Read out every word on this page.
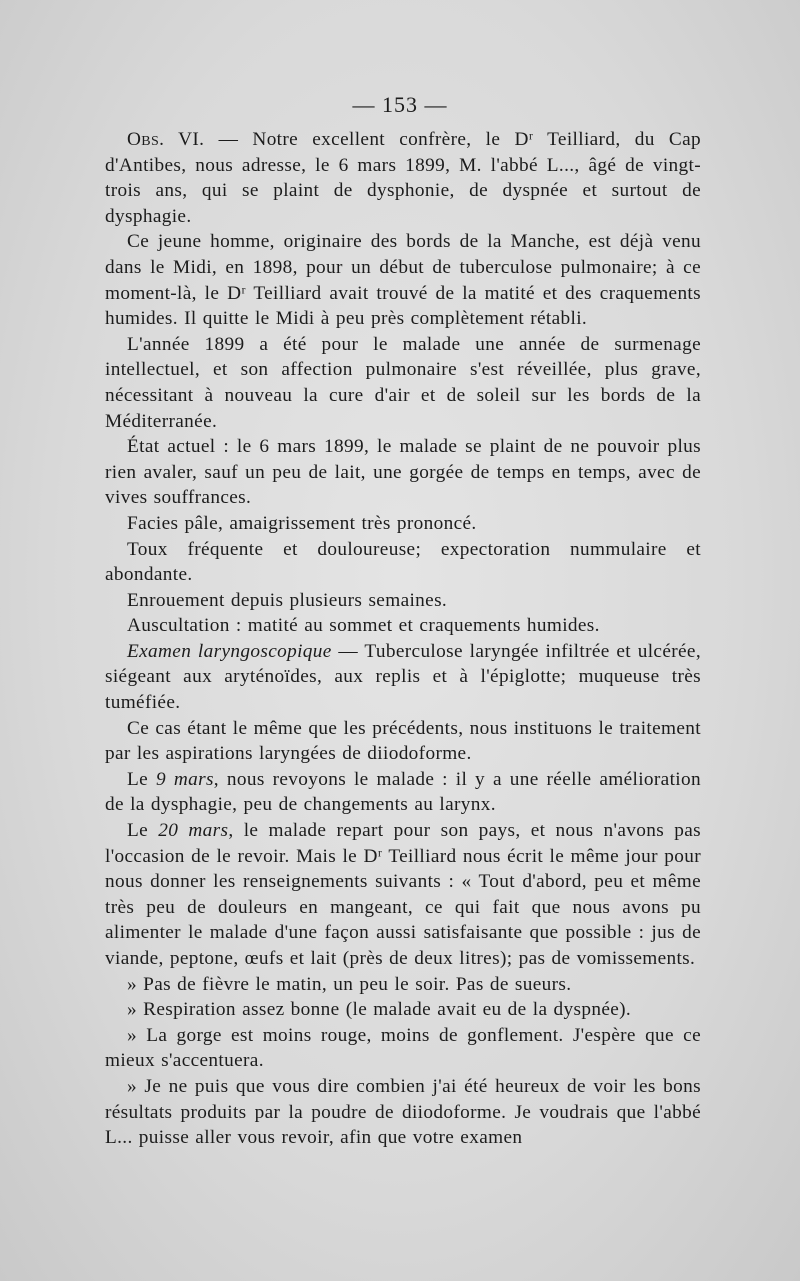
— 153 —

Obs. VI. — Notre excellent confrère, le Dʳ Teilliard, du Cap d'Antibes, nous adresse, le 6 mars 1899, M. l'abbé L..., âgé de vingt-trois ans, qui se plaint de dysphonie, de dyspnée et surtout de dysphagie.

Ce jeune homme, originaire des bords de la Manche, est déjà venu dans le Midi, en 1898, pour un début de tuberculose pulmonaire; à ce moment-là, le Dʳ Teilliard avait trouvé de la matité et des craquements humides. Il quitte le Midi à peu près complètement rétabli.

L'année 1899 a été pour le malade une année de surmenage intellectuel, et son affection pulmonaire s'est réveillée, plus grave, nécessitant à nouveau la cure d'air et de soleil sur les bords de la Méditerranée.

État actuel : le 6 mars 1899, le malade se plaint de ne pouvoir plus rien avaler, sauf un peu de lait, une gorgée de temps en temps, avec de vives souffrances.

Facies pâle, amaigrissement très prononcé.

Toux fréquente et douloureuse; expectoration nummulaire et abondante.

Enrouement depuis plusieurs semaines.

Auscultation : matité au sommet et craquements humides.

Examen laryngoscopique — Tuberculose laryngée infiltrée et ulcérée, siégeant aux aryténoïdes, aux replis et à l'épiglotte; muqueuse très tuméfiée.

Ce cas étant le même que les précédents, nous instituons le traitement par les aspirations laryngées de diiodoforme.

Le 9 mars, nous revoyons le malade : il y a une réelle amélioration de la dysphagie, peu de changements au larynx.

Le 20 mars, le malade repart pour son pays, et nous n'avons pas l'occasion de le revoir. Mais le Dʳ Teilliard nous écrit le même jour pour nous donner les renseignements suivants : « Tout d'abord, peu et même très peu de douleurs en mangeant, ce qui fait que nous avons pu alimenter le malade d'une façon aussi satisfaisante que possible : jus de viande, peptone, œufs et lait (près de deux litres); pas de vomissements.

» Pas de fièvre le matin, un peu le soir. Pas de sueurs.

» Respiration assez bonne (le malade avait eu de la dyspnée).

» La gorge est moins rouge, moins de gonflement. J'espère que ce mieux s'accentuera.

» Je ne puis que vous dire combien j'ai été heureux de voir les bons résultats produits par la poudre de diiodoforme. Je voudrais que l'abbé L... puisse aller vous revoir, afin que votre examen
